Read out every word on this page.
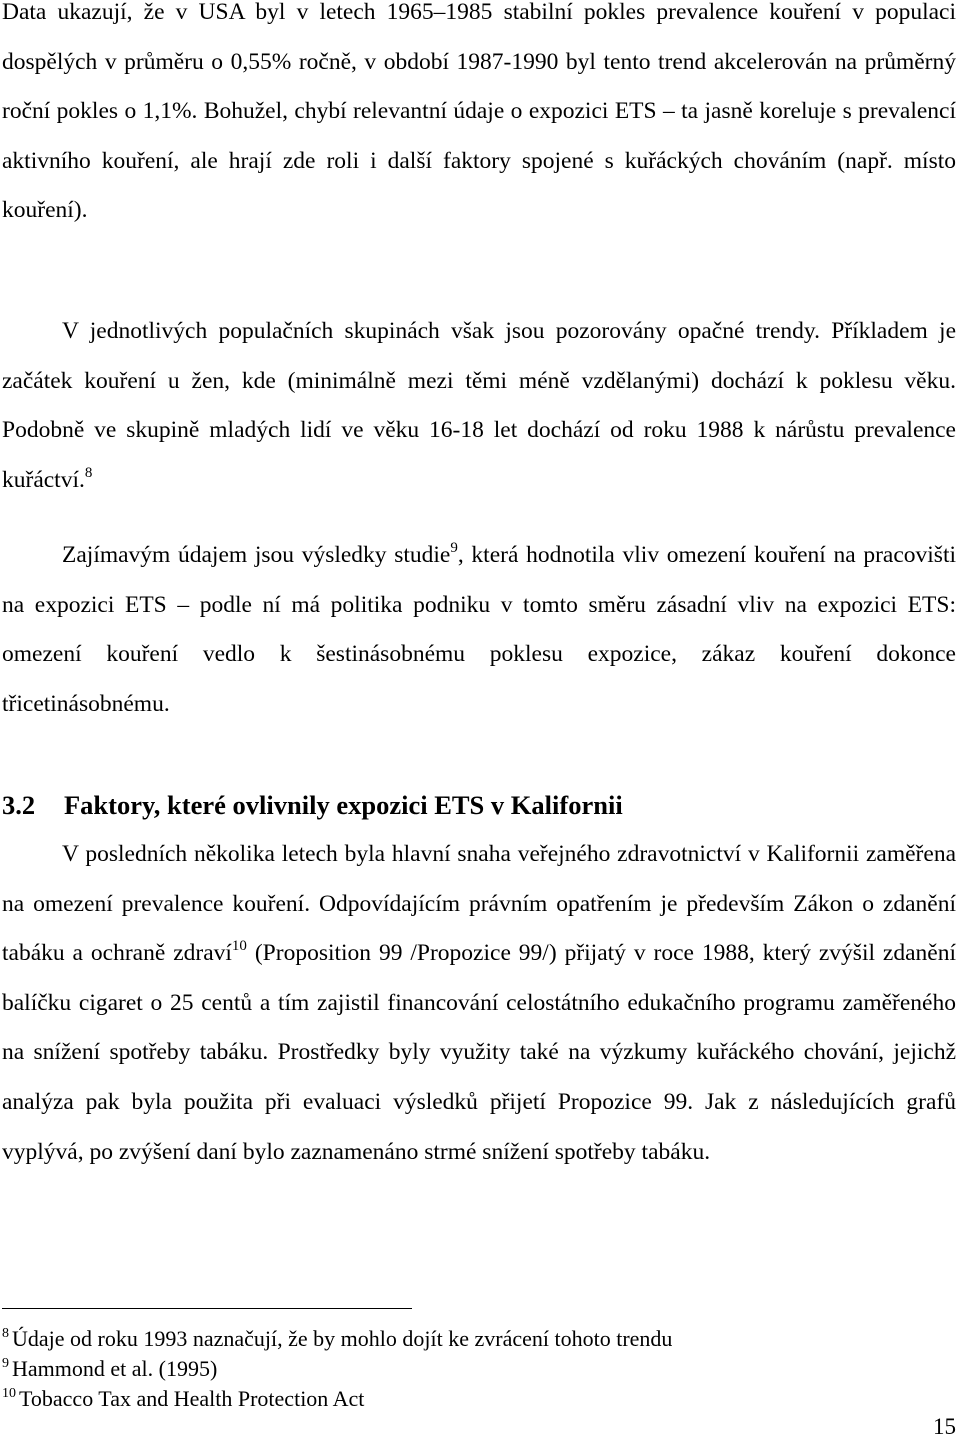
Data ukazují, že v USA byl v letech 1965–1985 stabilní pokles prevalence kouření v populaci dospělých v průměru o 0,55% ročně, v období 1987-1990 byl tento trend akcelerován na průměrný roční pokles o 1,1%. Bohužel, chybí relevantní údaje o expozici ETS – ta jasně koreluje s prevalencí aktivního kouření, ale hrají zde roli i další faktory spojené s kuřáckých chováním (např. místo kouření).

V jednotlivých populačních skupinách však jsou pozorovány opačné trendy. Příkladem je začátek kouření u žen, kde (minimálně mezi těmi méně vzdělanými) dochází k poklesu věku. Podobně ve skupině mladých lidí ve věku 16-18 let dochází od roku 1988 k nárůstu prevalence kuřáctví.$^8$

Zajímavým údajem jsou výsledky studie$^9$, která hodnotila vliv omezení kouření na pracovišti na expozici ETS – podle ní má politika podniku v tomto směru zásadní vliv na expozici ETS: omezení kouření vedlo k šestinásobnému poklesu expozice, zákaz kouření dokonce třicetinásobnému.

3.2 Faktory, které ovlivnily expozici ETS v Kalifornii

V posledních několika letech byla hlavní snaha veřejného zdravotnictví v Kalifornii zaměřena na omezení prevalence kouření. Odpovídajícím právním opatřením je především Zákon o zdanění tabáku a ochraně zdraví$^{10}$ (Proposition 99 /Propozice 99/) přijatý v roce 1988, který zvýšil zdanění balíčku cigaret o 25 centů a tím zajistil financování celostátního edukačního programu zaměřeného na snížení spotřeby tabáku. Prostředky byly využity také na výzkumy kuřáckého chování, jejichž analýza pak byla použita při evaluaci výsledků přijetí Propozice 99. Jak z následujících grafů vyplývá, po zvýšení daní bylo zaznamenáno strmé snížení spotřeby tabáku.

$^8$ Údaje od roku 1993 naznačují, že by mohlo dojít ke zvrácení tohoto trendu

$^9$ Hammond et al. (1995)

$^{10}$ Tobacco Tax and Health Protection Act

15
